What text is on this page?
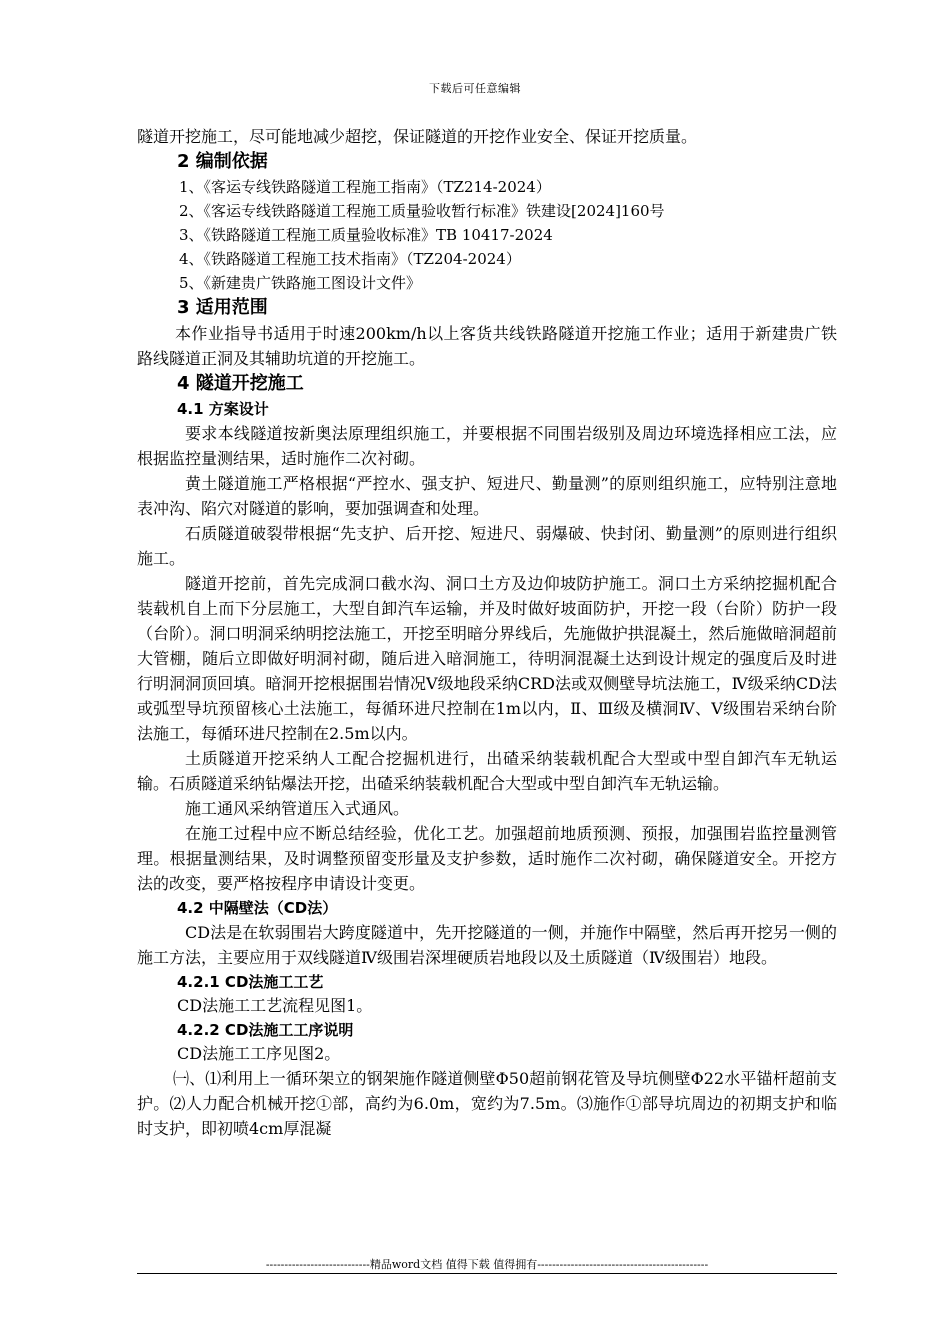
下载后可任意编辑

隧道开挖施工，尽可能地减少超挖，保证隧道的开挖作业安全、保证开挖质量。

2 编制依据

1、《客运专线铁路隧道工程施工指南》（TZ214-2024）

2、《客运专线铁路隧道工程施工质量验收暂行标准》铁建设[2024]160号

3、《铁路隧道工程施工质量验收标准》TB 10417-2024

4、《铁路隧道工程施工技术指南》（TZ204-2024）

5、《新建贵广铁路施工图设计文件》

3 适用范围

本作业指导书适用于时速200km/h以上客货共线铁路隧道开挖施工作业；适用于新建贵广铁路线隧道正洞及其辅助坑道的开挖施工。

4 隧道开挖施工

4.1 方案设计

要求本线隧道按新奥法原理组织施工，并要根据不同围岩级别及周边环境选择相应工法，应根据监控量测结果，适时施作二次衬砌。

黄土隧道施工严格根据“严控水、强支护、短进尺、勤量测”的原则组织施工，应特别注意地表冲沟、陷穴对隧道的影响，要加强调查和处理。

石质隧道破裂带根据“先支护、后开挖、短进尺、弱爆破、快封闭、勤量测”的原则进行组织施工。

隧道开挖前，首先完成洞口截水沟、洞口土方及边仰坡防护施工。洞口土方采纳挖掘机配合装载机自上而下分层施工，大型自卸汽车运输，并及时做好坡面防护，开挖一段（台阶）防护一段（台阶）。洞口明洞采纳明挖法施工，开挖至明暗分界线后，先施做护拱混凝土，然后施做暗洞超前大管棚，随后立即做好明洞衬砌，随后进入暗洞施工，待明洞混凝土达到设计规定的强度后及时进行明洞洞顶回填。暗洞开挖根据围岩情况Ⅴ级地段采纳CRD法或双侧壁导坑法施工，Ⅳ级采纳CD法或弧型导坑预留核心土法施工，每循环进尺控制在1m以内，Ⅱ、Ⅲ级及横洞Ⅳ、Ⅴ级围岩采纳台阶法施工，每循环进尺控制在2.5m以内。

土质隧道开挖采纳人工配合挖掘机进行，出碴采纳装载机配合大型或中型自卸汽车无轨运输。石质隧道采纳钻爆法开挖，出碴采纳装载机配合大型或中型自卸汽车无轨运输。

施工通风采纳管道压入式通风。

在施工过程中应不断总结经验，优化工艺。加强超前地质预测、预报，加强围岩监控量测管理。根据量测结果，及时调整预留变形量及支护参数，适时施作二次衬砌，确保隧道安全。开挖方法的改变，要严格按程序申请设计变更。

4.2 中隔壁法（CD法）

CD法是在软弱围岩大跨度隧道中，先开挖隧道的一侧，并施作中隔壁，然后再开挖另一侧的施工方法，主要应用于双线隧道Ⅳ级围岩深埋硬质岩地段以及土质隧道（Ⅳ级围岩）地段。

4.2.1 CD法施工工艺

CD法施工工艺流程见图1。

4.2.2 CD法施工工序说明

CD法施工工序见图2。

㈠、⑴利用上一循环架立的钢架施作隧道侧壁Φ50超前钢花管及导坑侧壁Φ22水平锚杆超前支护。⑵人力配合机械开挖①部，高约为6.0m，宽约为7.5m。⑶施作①部导坑周边的初期支护和临时支护，即初喷4cm厚混凝

----------------------------精品word文档 值得下载 值得拥有----------------------------------------------
